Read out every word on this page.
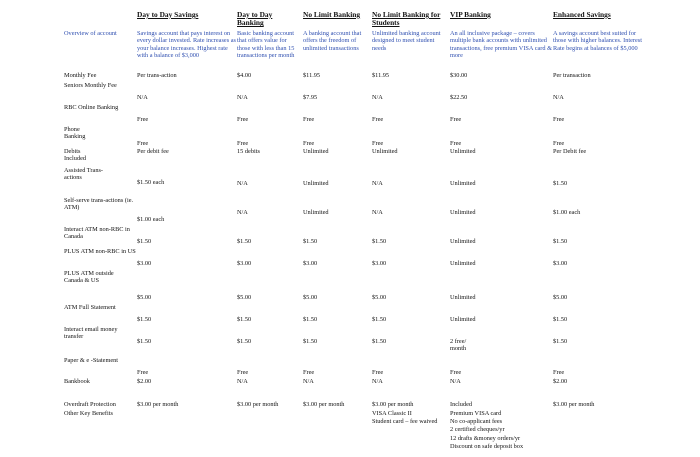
Day to Day Savings
Savings account that pays interest on every dollar invested. Rate increases as your balance increases. Highest rate with a balance of $3,000
Day to Day Banking
Basic banking account that offers value for those with less than 15 transactions per month
No Limit Banking
A banking account that offers the freedom of unlimited transactions
No Limit Banking for Students
Unlimited banking account designed to meet student needs
VIP Banking
An all inclusive package – covers multiple bank accounts with unlimited transactions, free premium VISA card & more
Enhanced Savings
A savings account best suited for those with higher balances. Interest Rate begins at balances of $5,000
Overview of account
Monthly Fee
Seniors Monthly Fee
RBC Online Banking
Phone Banking
Debits Included
Assisted Trans-actions
Self-serve trans-actions (ie. ATM)
Interact ATM non-RBC in Canada
PLUS ATM non-RBC in US
PLUS ATM outside Canada & US
ATM Full Statement
Interact email money transfer
Paper & e -Statement
Bankbook
Overdraft Protection
Other Key Benefits
Per trans-action
N/A
Free
Free
Per debit fee
$1.50 each
$1.00 each
$1.50
$3.00
$5.00
$1.50
$1.50
Free
$2.00
$3.00 per month
$4.00
N/A
Free
Free
15 debits
N/A
N/A
$1.50
$3.00
$5.00
$1.50
$1.50
Free
N/A
$3.00 per month
$11.95
$7.95
Free
Free
Unlimited
Unlimited
Unlimited
$1.50
$3.00
$5.00
$1.50
$1.50
Free
N/A
$3.00 per month
$11.95
N/A
Free
Free
Unlimited
N/A
N/A
$1.50
$3.00
$5.00
$1.50
$1.50
Free
N/A
$3.00 per month
VISA Classic II
Student card – fee waived
$30.00
$22.50
Free
Free
Unlimited
Unlimited
Unlimited
Unlimited
Unlimited
Unlimited
Unlimited
2 free/ month
Free
N/A
Included
Premium VISA card
No co-applicant fees
2 certified cheques/yr
12 drafts &money orders/yr
Discount on safe deposit box
Per transaction
N/A
Free
Free
Per Debit fee
$1.50
$1.00 each
$1.50
$3.00
$5.00
$1.50
$1.50
Free
$2.00
$3.00 per month
